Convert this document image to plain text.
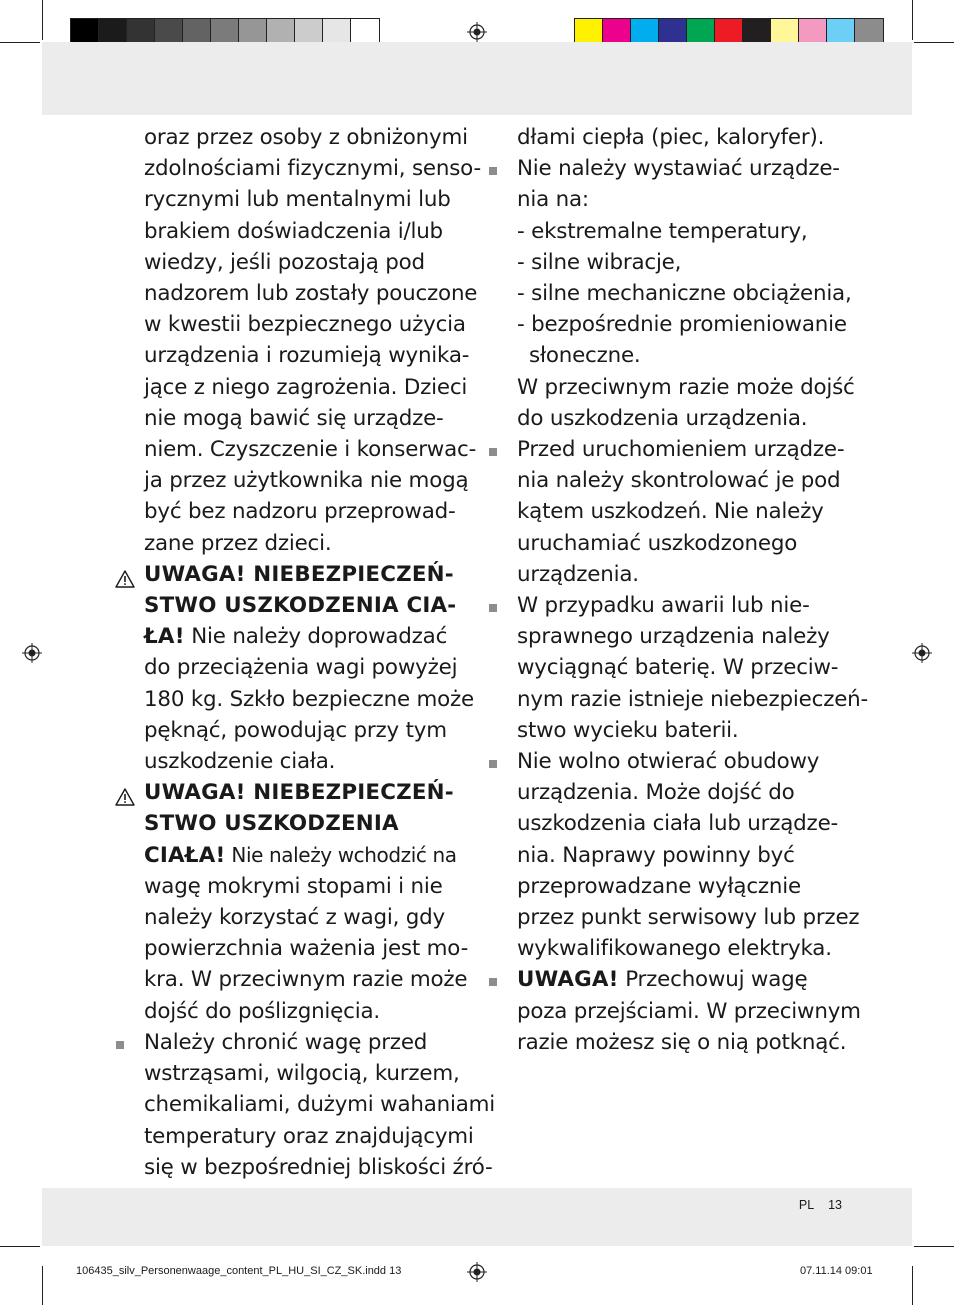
oraz przez osoby z obniżonymi

zdolnościami fizycznymi, senso-

rycznymi lub mentalnymi lub

brakiem doświadczenia i/lub

wiedzy, jeśli pozostają pod

nadzorem lub zostały pouczone

w kwestii bezpiecznego użycia

urządzenia i rozumieją wynika-

jące z niego zagrożenia. Dzieci

nie mogą bawić się urządze-

niem. Czyszczenie i konserwac-

ja przez użytkownika nie mogą

być bez nadzoru przeprowad-

zane przez dzieci.

UWAGA! NIEBEZPIECZEŃ-

STWO USZKODZENIA CIA-

ŁA! Nie należy doprowadzać

do przeciążenia wagi powyżej

180 kg. Szkło bezpieczne może

pęknąć, powodując przy tym

uszkodzenie ciała.

UWAGA! NIEBEZPIECZEŃ-

STWO USZKODZENIA

CIAŁA! Nie należy wchodzić na

wagę mokrymi stopami i nie

należy korzystać z wagi, gdy

powierzchnia ważenia jest mo-

kra. W przeciwnym razie może

dojść do poślizgnięcia.

Należy chronić wagę przed

wstrząsami, wilgocią, kurzem,

chemikaliami, dużymi wahaniami

temperatury oraz znajdującymi

się w bezpośredniej bliskości źró-

dłami ciepła (piec, kaloryfer).

Nie należy wystawiać urządze-

nia na:

- ekstremalne temperatury,

- silne wibracje,

- silne mechaniczne obciążenia,

- bezpośrednie promieniowanie

słoneczne.

W przeciwnym razie może dojść

do uszkodzenia urządzenia.

Przed uruchomieniem urządze-

nia należy skontrolować je pod

kątem uszkodzeń. Nie należy

uruchamiać uszkodzonego

urządzenia.

W przypadku awarii lub nie-

sprawnego urządzenia należy

wyciągnąć baterię. W przeciw-

nym razie istnieje niebezpieczeń-

stwo wycieku baterii.

Nie wolno otwierać obudowy

urządzenia. Może dojść do

uszkodzenia ciała lub urządze-

nia. Naprawy powinny być

przeprowadzane wyłącznie

przez punkt serwisowy lub przez

wykwalifikowanego elektryka.

UWAGA! Przechowuj wagę

poza przejściami. W przeciwnym

razie możesz się o nią potknąć.

PL 13
106435_silv_Personenwaage_content_PL_HU_SI_CZ_SK.indd 13	07.11.14 09:01
